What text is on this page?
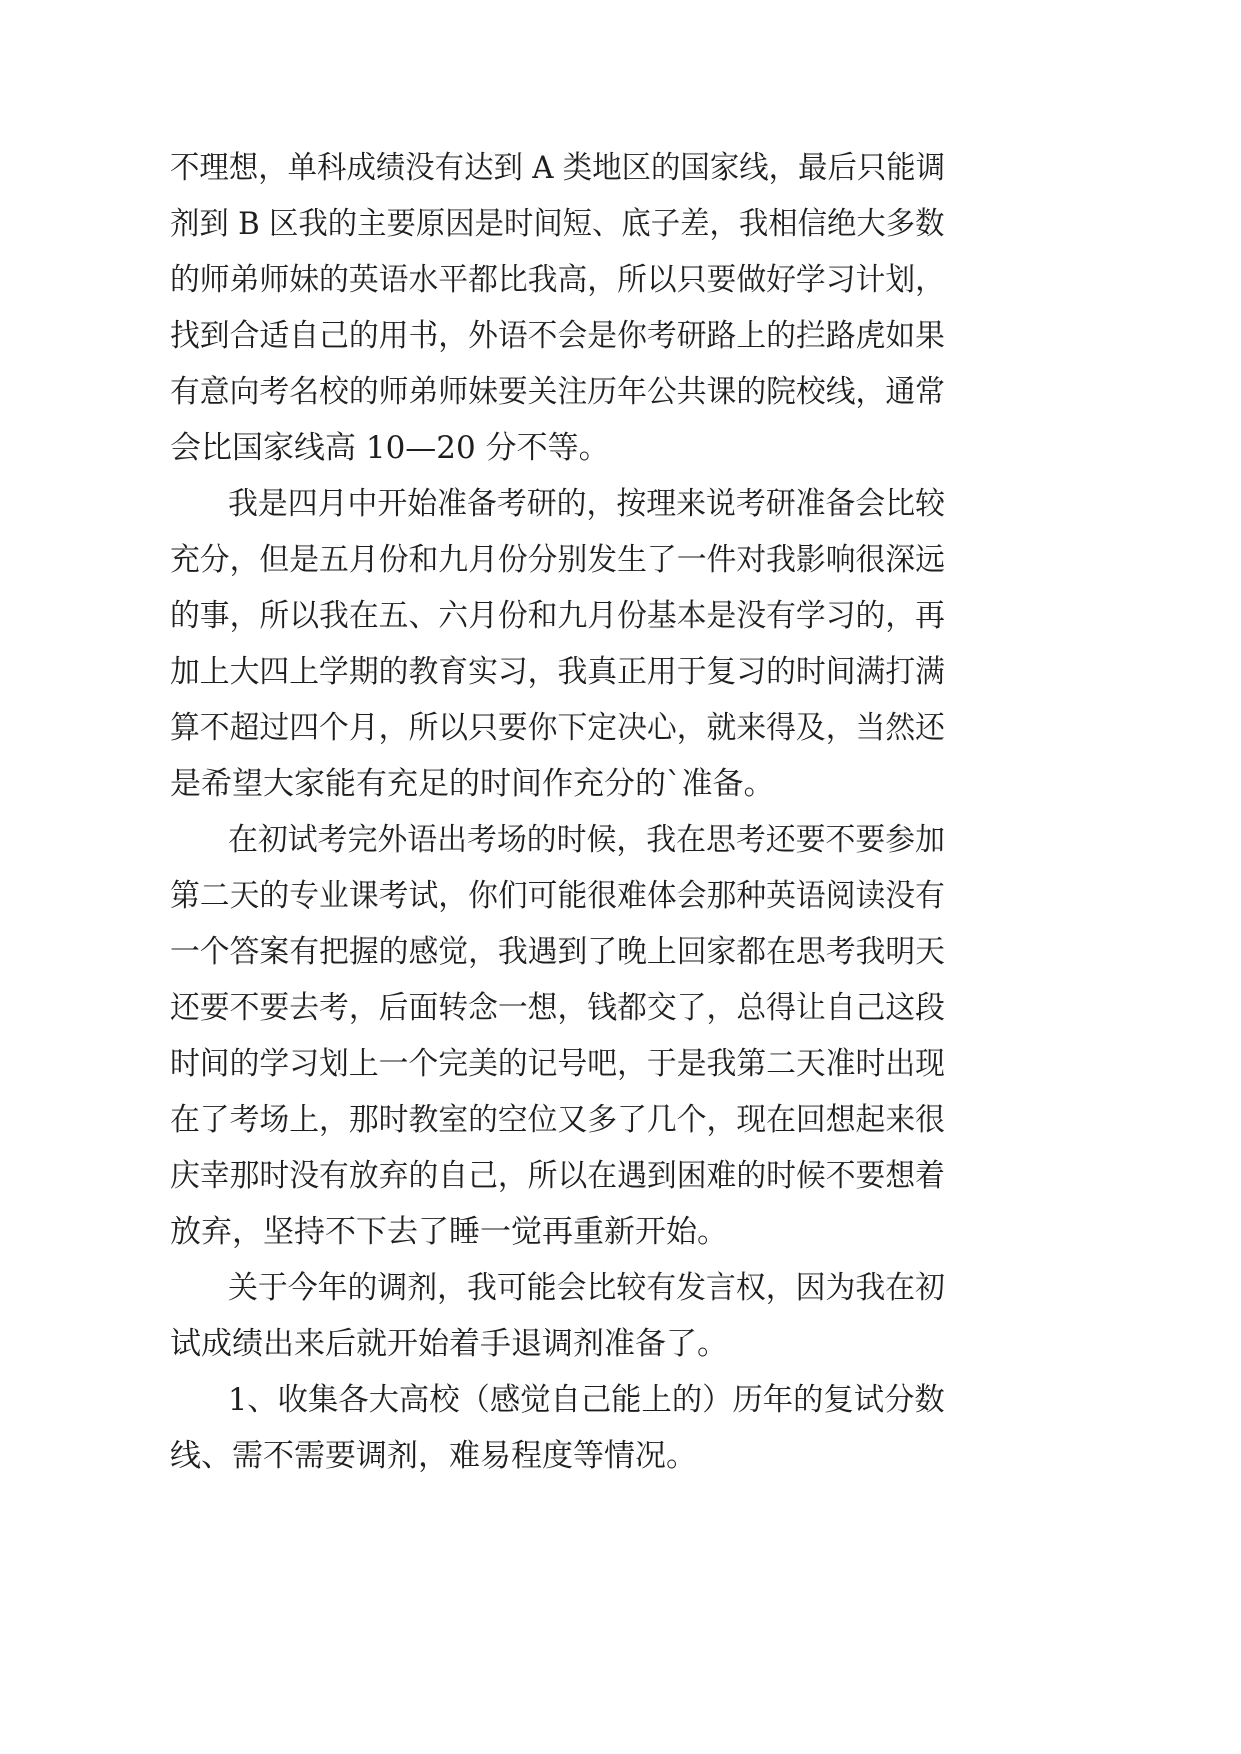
不理想，单科成绩没有达到 A 类地区的国家线，最后只能调
剂到 B 区我的主要原因是时间短、底子差，我相信绝大多数
的师弟师妹的英语水平都比我高，所以只要做好学习计划，
找到合适自己的用书，外语不会是你考研路上的拦路虎如果
有意向考名校的师弟师妹要关注历年公共课的院校线，通常
会比国家线高 10—20 分不等。
我是四月中开始准备考研的，按理来说考研准备会比较
充分，但是五月份和九月份分别发生了一件对我影响很深远
的事，所以我在五、六月份和九月份基本是没有学习的，再
加上大四上学期的教育实习，我真正用于复习的时间满打满
算不超过四个月，所以只要你下定决心，就来得及，当然还
是希望大家能有充足的时间作充分的`准备。
在初试考完外语出考场的时候，我在思考还要不要参加
第二天的专业课考试，你们可能很难体会那种英语阅读没有
一个答案有把握的感觉，我遇到了晚上回家都在思考我明天
还要不要去考，后面转念一想，钱都交了，总得让自己这段
时间的学习划上一个完美的记号吧，于是我第二天准时出现
在了考场上，那时教室的空位又多了几个，现在回想起来很
庆幸那时没有放弃的自己，所以在遇到困难的时候不要想着
放弃，坚持不下去了睡一觉再重新开始。
关于今年的调剂，我可能会比较有发言权，因为我在初
试成绩出来后就开始着手退调剂准备了。
1、收集各大高校（感觉自己能上的）历年的复试分数
线、需不需要调剂，难易程度等情况。
